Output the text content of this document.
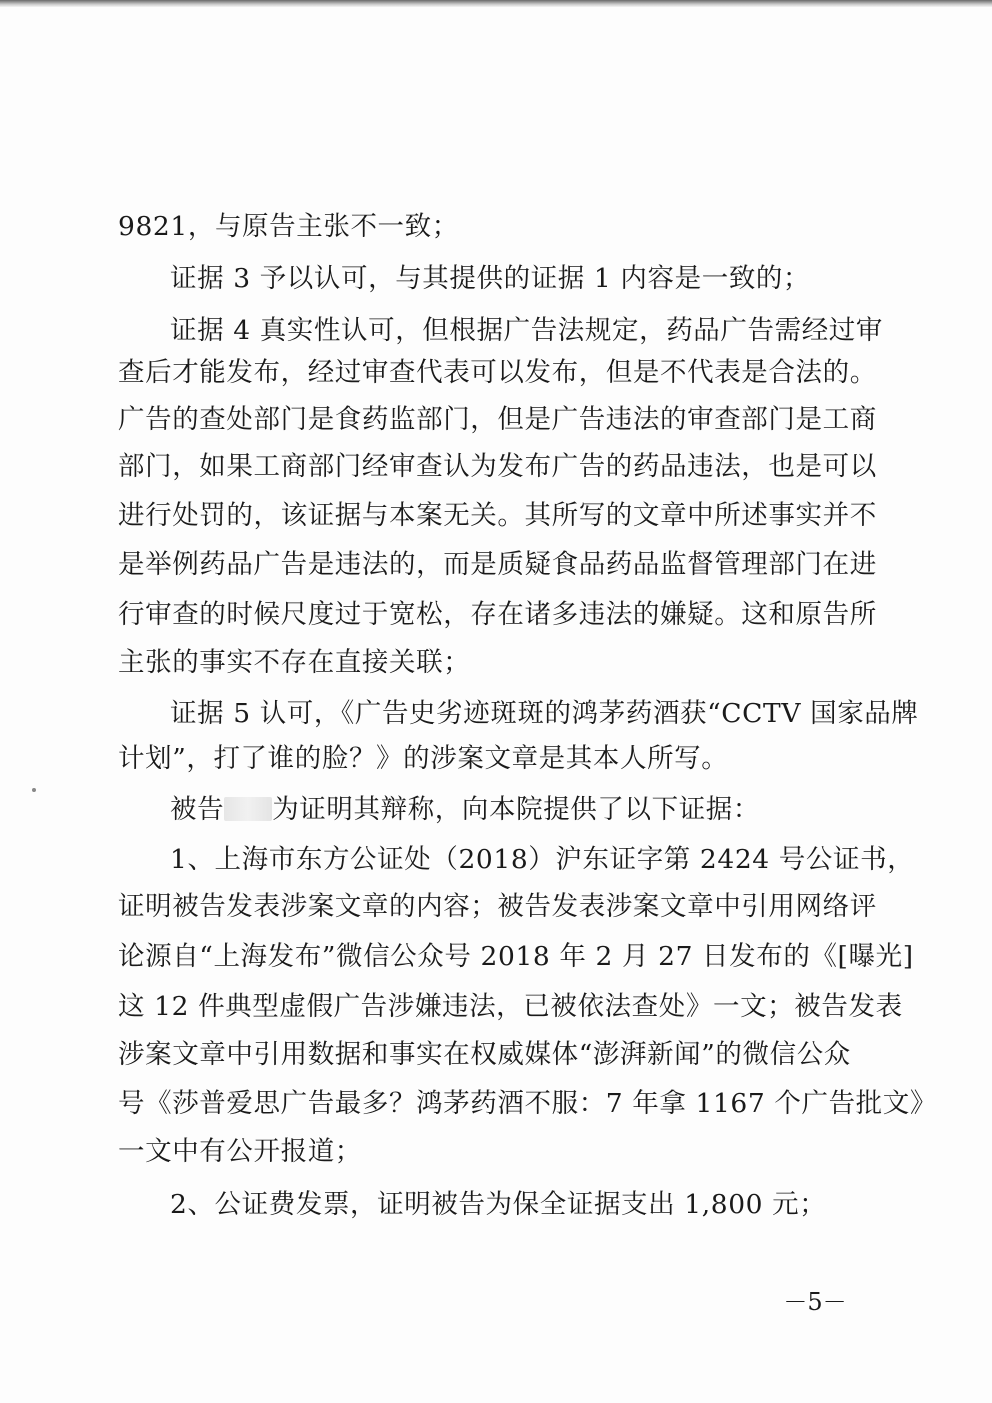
9821，与原告主张不一致；
证据 3 予以认可，与其提供的证据 1 内容是一致的；
证据 4 真实性认可，但根据广告法规定，药品广告需经过审
查后才能发布，经过审查代表可以发布，但是不代表是合法的。
广告的查处部门是食药监部门，但是广告违法的审查部门是工商
部门，如果工商部门经审查认为发布广告的药品违法，也是可以
进行处罚的，该证据与本案无关。其所写的文章中所述事实并不
是举例药品广告是违法的，而是质疑食品药品监督管理部门在进
行审查的时候尺度过于宽松，存在诸多违法的嫌疑。这和原告所
主张的事实不存在直接关联；
证据 5 认可，《广告史劣迹斑斑的鸿茅药酒获“CCTV 国家品牌
计划”，打了谁的脸？》的涉案文章是其本人所写。
被告 为证明其辩称，向本院提供了以下证据：
1、上海市东方公证处（2018）沪东证字第 2424 号公证书，
证明被告发表涉案文章的内容；被告发表涉案文章中引用网络评
论源自“上海发布”微信公众号 2018 年 2 月 27 日发布的《[曝光]
这 12 件典型虚假广告涉嫌违法，已被依法查处》一文；被告发表
涉案文章中引用数据和事实在权威媒体“澎湃新闻”的微信公众
号《莎普爱思广告最多？鸿茅药酒不服：7 年拿 1167 个广告批文》
一文中有公开报道；
2、公证费发票，证明被告为保全证据支出 1,800 元；
－5－
